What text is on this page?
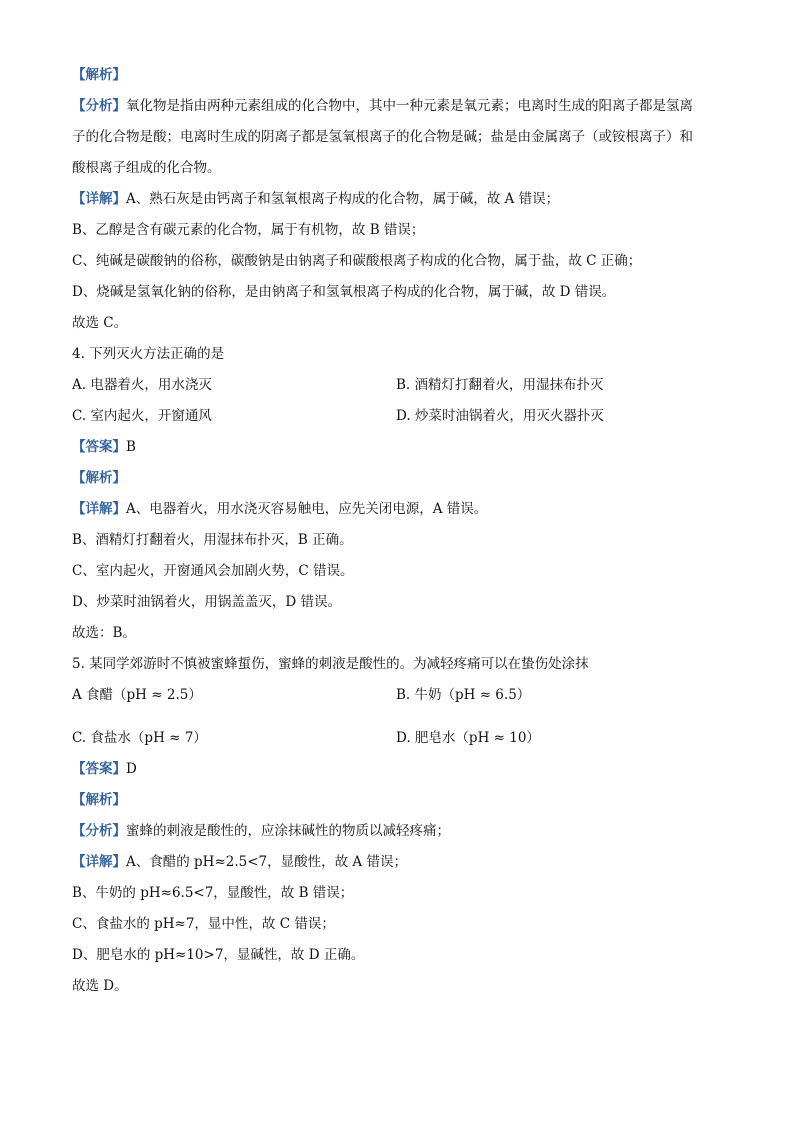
【解析】
【分析】氧化物是指由两种元素组成的化合物中，其中一种元素是氧元素；电离时生成的阳离子都是氢离
子的化合物是酸；电离时生成的阴离子都是氢氧根离子的化合物是碱；盐是由金属离子（或铵根离子）和
酸根离子组成的化合物。
【详解】A、熟石灰是由钙离子和氢氧根离子构成的化合物，属于碱，故 A 错误；
B、乙醇是含有碳元素的化合物，属于有机物，故 B 错误；
C、纯碱是碳酸钠的俗称，碳酸钠是由钠离子和碳酸根离子构成的化合物，属于盐，故 C 正确；
D、烧碱是氢氧化钠的俗称，是由钠离子和氢氧根离子构成的化合物，属于碱，故 D 错误。
故选 C。
4. 下列灭火方法正确的是
A. 电器着火，用水浇灭	B. 酒精灯打翻着火，用湿抹布扑灭
C. 室内起火，开窗通风	D. 炒菜时油锅着火，用灭火器扑灭
【答案】B
【解析】
【详解】A、电器着火，用水浇灭容易触电，应先关闭电源，A 错误。
B、酒精灯打翻着火，用湿抹布扑灭，B 正确。
C、室内起火，开窗通风会加剧火势，C 错误。
D、炒菜时油锅着火，用锅盖盖灭，D 错误。
故选：B。
5. 某同学郊游时不慎被蜜蜂蜇伤，蜜蜂的刺液是酸性的。为减轻疼痛可以在蛰伤处涂抹
A 食醋（pH ≈ 2.5）	B. 牛奶（pH ≈ 6.5）
C. 食盐水（pH ≈ 7）	D. 肥皂水（pH ≈ 10）
【答案】D
【解析】
【分析】蜜蜂的刺液是酸性的，应涂抹碱性的物质以减轻疼痛；
【详解】A、食醋的 pH≈2.5<7，显酸性，故 A 错误；
B、牛奶的 pH≈6.5<7，显酸性，故 B 错误；
C、食盐水的 pH≈7，显中性，故 C 错误；
D、肥皂水的 pH≈10>7，显碱性，故 D 正确。
故选 D。
